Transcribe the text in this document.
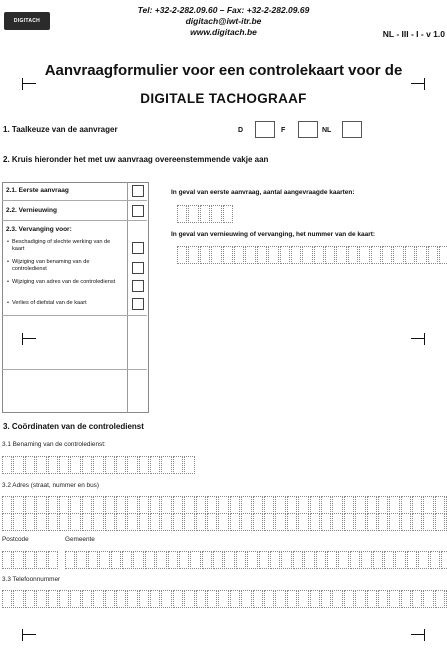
DIGITACH
Tel: +32-2-282.09.60 – Fax: +32-2-282.09.69
digitach@iwt-itr.be
www.digitach.be	NL - III - I - v 1.0
Aanvraagformulier voor een controlekaart voor de
DIGITALE TACHOGRAAF
1. Taalkeuze van de aanvrager	D	F	NL
2. Kruis hieronder het met uw aanvraag overeenstemmende vakje aan
2.1. Eerste aanvraag
2.2. Vernieuwing
2.3. Vervanging voor:
• Beschadiging of slechte werking van de kaart
• Wijziging van benaming van de controledienst
• Wijziging van adres van de controledienst
• Verlies of diefstal van de kaart
In geval van eerste aanvraag, aantal aangevraagde kaarten:
In geval van vernieuwing of vervanging, het nummer van de kaart:
3. Coördinaten van de controledienst
3.1 Benaming van de controledienst:
3.2 Adres (straat, nummer en bus)
Postcode	Gemeente
3.3 Telefoonnummer
